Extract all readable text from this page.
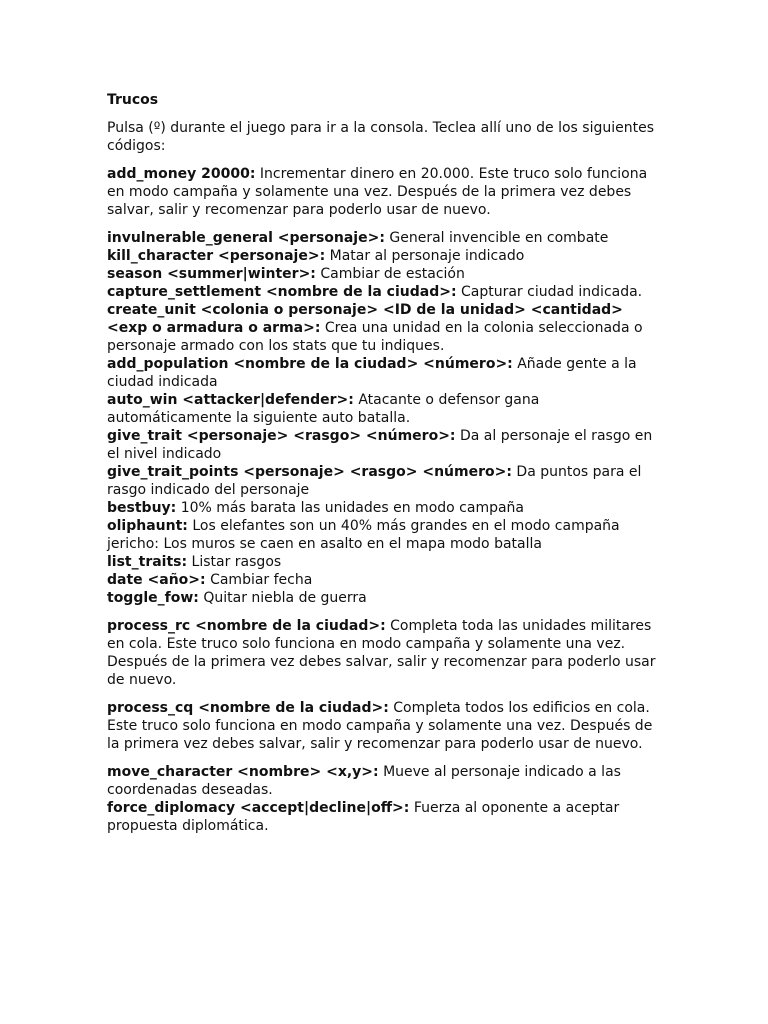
Trucos

Pulsa (º) durante el juego para ir a la consola. Teclea allí uno de los siguientes códigos:

add_money 20000: Incrementar dinero en 20.000. Este truco solo funciona en modo campaña y solamente una vez. Después de la primera vez debes salvar, salir y recomenzar para poderlo usar de nuevo.

invulnerable_general <personaje>: General invencible en combate

kill_character <personaje>: Matar al personaje indicado

season <summer|winter>: Cambiar de estación

capture_settlement <nombre de la ciudad>: Capturar ciudad indicada.

create_unit <colonia o personaje> <ID de la unidad> <cantidad> <exp o armadura o arma>: Crea una unidad en la colonia seleccionada o personaje armado con los stats que tu indiques.

add_population <nombre de la ciudad> <número>: Añade gente a la ciudad indicada

auto_win <attacker|defender>: Atacante o defensor gana automáticamente la siguiente auto batalla.

give_trait <personaje> <rasgo> <número>: Da al personaje el rasgo en el nivel indicado

give_trait_points <personaje> <rasgo> <número>: Da puntos para el rasgo indicado del personaje

bestbuy: 10% más barata las unidades en modo campaña

oliphaunt: Los elefantes son un 40% más grandes en el modo campaña

jericho: Los muros se caen en asalto en el mapa modo batalla

list_traits: Listar rasgos

date <año>: Cambiar fecha

toggle_fow: Quitar niebla de guerra

process_rc <nombre de la ciudad>: Completa toda las unidades militares en cola. Este truco solo funciona en modo campaña y solamente una vez. Después de la primera vez debes salvar, salir y recomenzar para poderlo usar de nuevo.

process_cq <nombre de la ciudad>: Completa todos los edificios en cola. Este truco solo funciona en modo campaña y solamente una vez. Después de la primera vez debes salvar, salir y recomenzar para poderlo usar de nuevo.

move_character <nombre> <x,y>: Mueve al personaje indicado a las coordenadas deseadas.

force_diplomacy <accept|decline|off>: Fuerza al oponente a aceptar propuesta diplomática.
